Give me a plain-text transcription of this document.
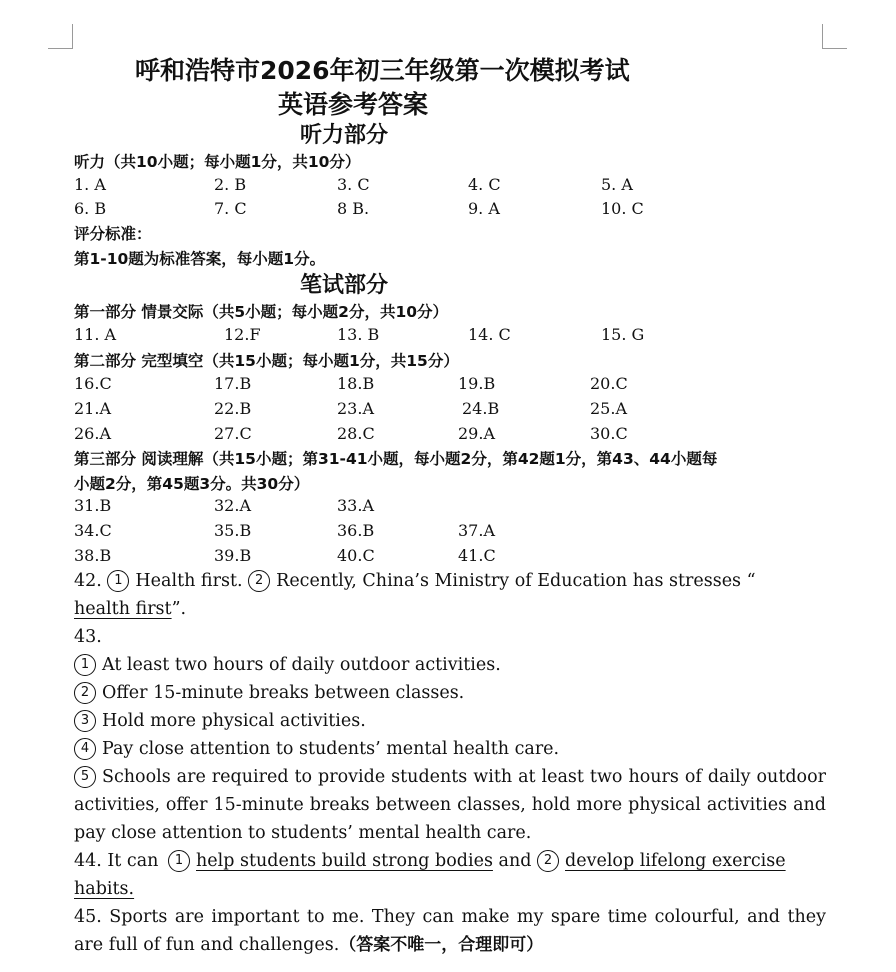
呼和浩特市2026年初三年级第一次模拟考试
英语参考答案
听力部分
听力（共10小题；每小题1分，共10分）
1. A	2. B	3. C	4. C	5. A
6. B	7. C	8 B.	9. A	10. C
评分标准：
第1-10题为标准答案，每小题1分。
笔试部分
第一部分 情景交际（共5小题；每小题2分，共10分）
11. A	12.F	13. B	14. C	15. G
第二部分 完型填空（共15小题；每小题1分，共15分）
16.C	17.B	18.B	19.B	20.C
21.A	22.B	23.A	24.B	25.A
26.A	27.C	28.C	29.A	30.C
第三部分 阅读理解（共15小题；第31-41小题，每小题2分，第42题1分，第43、44小题每
小题2分，第45题3分。共30分）
31.B	32.A	33.A
34.C	35.B	36.B	37.A
38.B	39.B	40.C	41.C
42. 1 Health first. 2 Recently, China’s Ministry of Education has stresses “
health first”.
43.
1 At least two hours of daily outdoor activities.
2 Offer 15-minute breaks between classes.
3 Hold more physical activities.
4 Pay close attention to students’ mental health care.
5 Schools are required to provide students with at least two hours of daily outdoor activities, offer 15-minute breaks between classes, hold more physical activities and pay close attention to students’ mental health care.
44. It can 1 help students build strong bodies and 2 develop lifelong exercise habits.
45. Sports are important to me. They can make my spare time colourful, and they are full of fun and challenges.（答案不唯一，合理即可）
